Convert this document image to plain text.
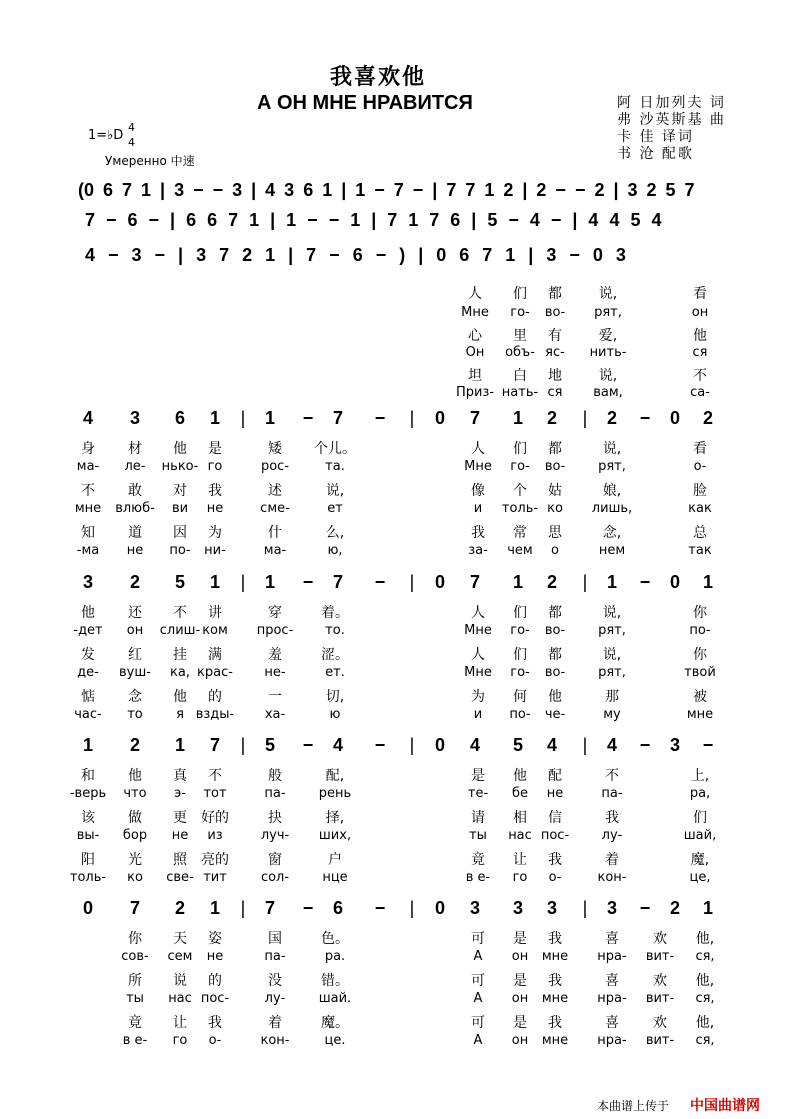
我喜欢他
А ОН МНЕ НРАВИТСЯ	阿 日加列夫 词
弗 沙英斯基 曲
卡 佳 译词
书 沧 配歌
1=♭D
4
4
Умеренно 中速
(0 6 7 1 | 3 − − 3 | 4 3 6 1 | 1 − 7 − | 7 7 1 2 | 2 − − 2 | 3 2 5 7
7 − 6 − | 6 6 7 1 | 1 − − 1 | 7 1 7 6 | 5 − 4 − | 4 4 5 4
4 − 3 − | 3 7 2 1 | 7 − 6 − ) | 0 6 7 1 | 3 − 0 3
人 们 都	说,	看
Мне го- во- рят,	он
心 里 有	爱,	他
Он объ- яс- нить-	ся
坦 白 地	说,	不
Приз- нать- ся вам,	са-
4 3 6 1 | 1 − 7 − | 0 7 1 2 | 2 − 0 2
身 材 他 是	矮 个儿。	人 们 都	说,	看
ма- ле- нько- го	рос-	та.	Мне го- во-	рят,	о-
不 敢 对 我	述	说,	像 个 姑	娘,	脸
мне влюб- ви не	сме-	ет	и толь- ко лишь,	как
知 道 因 为	什	么,	我 常 思	念,	总
-ма не по- ни-	ма-	ю,	за- чем о	нем	так
3 2 5 1 | 1 − 7 − | 0 7 1 2 | 1 − 0 1
他 还 不 讲	穿	着。	人 们 都	说,	你
-дет он слиш- ком прос- то.	Мне го- во-	рят,	по-
发 红 挂 满	羞	涩。	人 们 都	说,	你
де- вуш- ка, крас- не-	ет.	Мне го- во-	рят,	твой
惦 念 他 的	一	切,	为 何 他	那	被
час- то	я взды- ха-	ю	и по- че-	му	мне
1 2 1 7 | 5 − 4 − | 0 4 5 4 | 4 − 3 −
和 他 真 不	般	配,	是 他 配	不	上,
-верь что э- тот	па-	рень	те- бе не	па-	ра,
该 做 更 好的	抉	择,	请 相 信	我	们
вы- бор не из	луч- ших,	ты нас пос-	лу-	шай,
阳 光 照 亮的	窗	户	竟 让 我	着	魔,
толь- ко све- тит	сол-	нце	в е- го о-	кон-	це,
0 7 2 1 | 7 − 6 − | 0 3 3 3 | 3 − 2 1
你 天 姿	国	色。	可 是 我	喜 欢 他,
сов- сем не	па-	ра.	А он мне нра- вит- ся,
所 说 的	没	错。	可 是 我	喜 欢 他,
ты нас пос-	лу-	шай.	А он мне нра- вит- ся,
竟 让 我	着	魔。	可 是 我	喜 欢 他,
в е- го о-	кон-	це.	А он мне нра- вит- ся,
本曲谱上传于 中国曲谱网
